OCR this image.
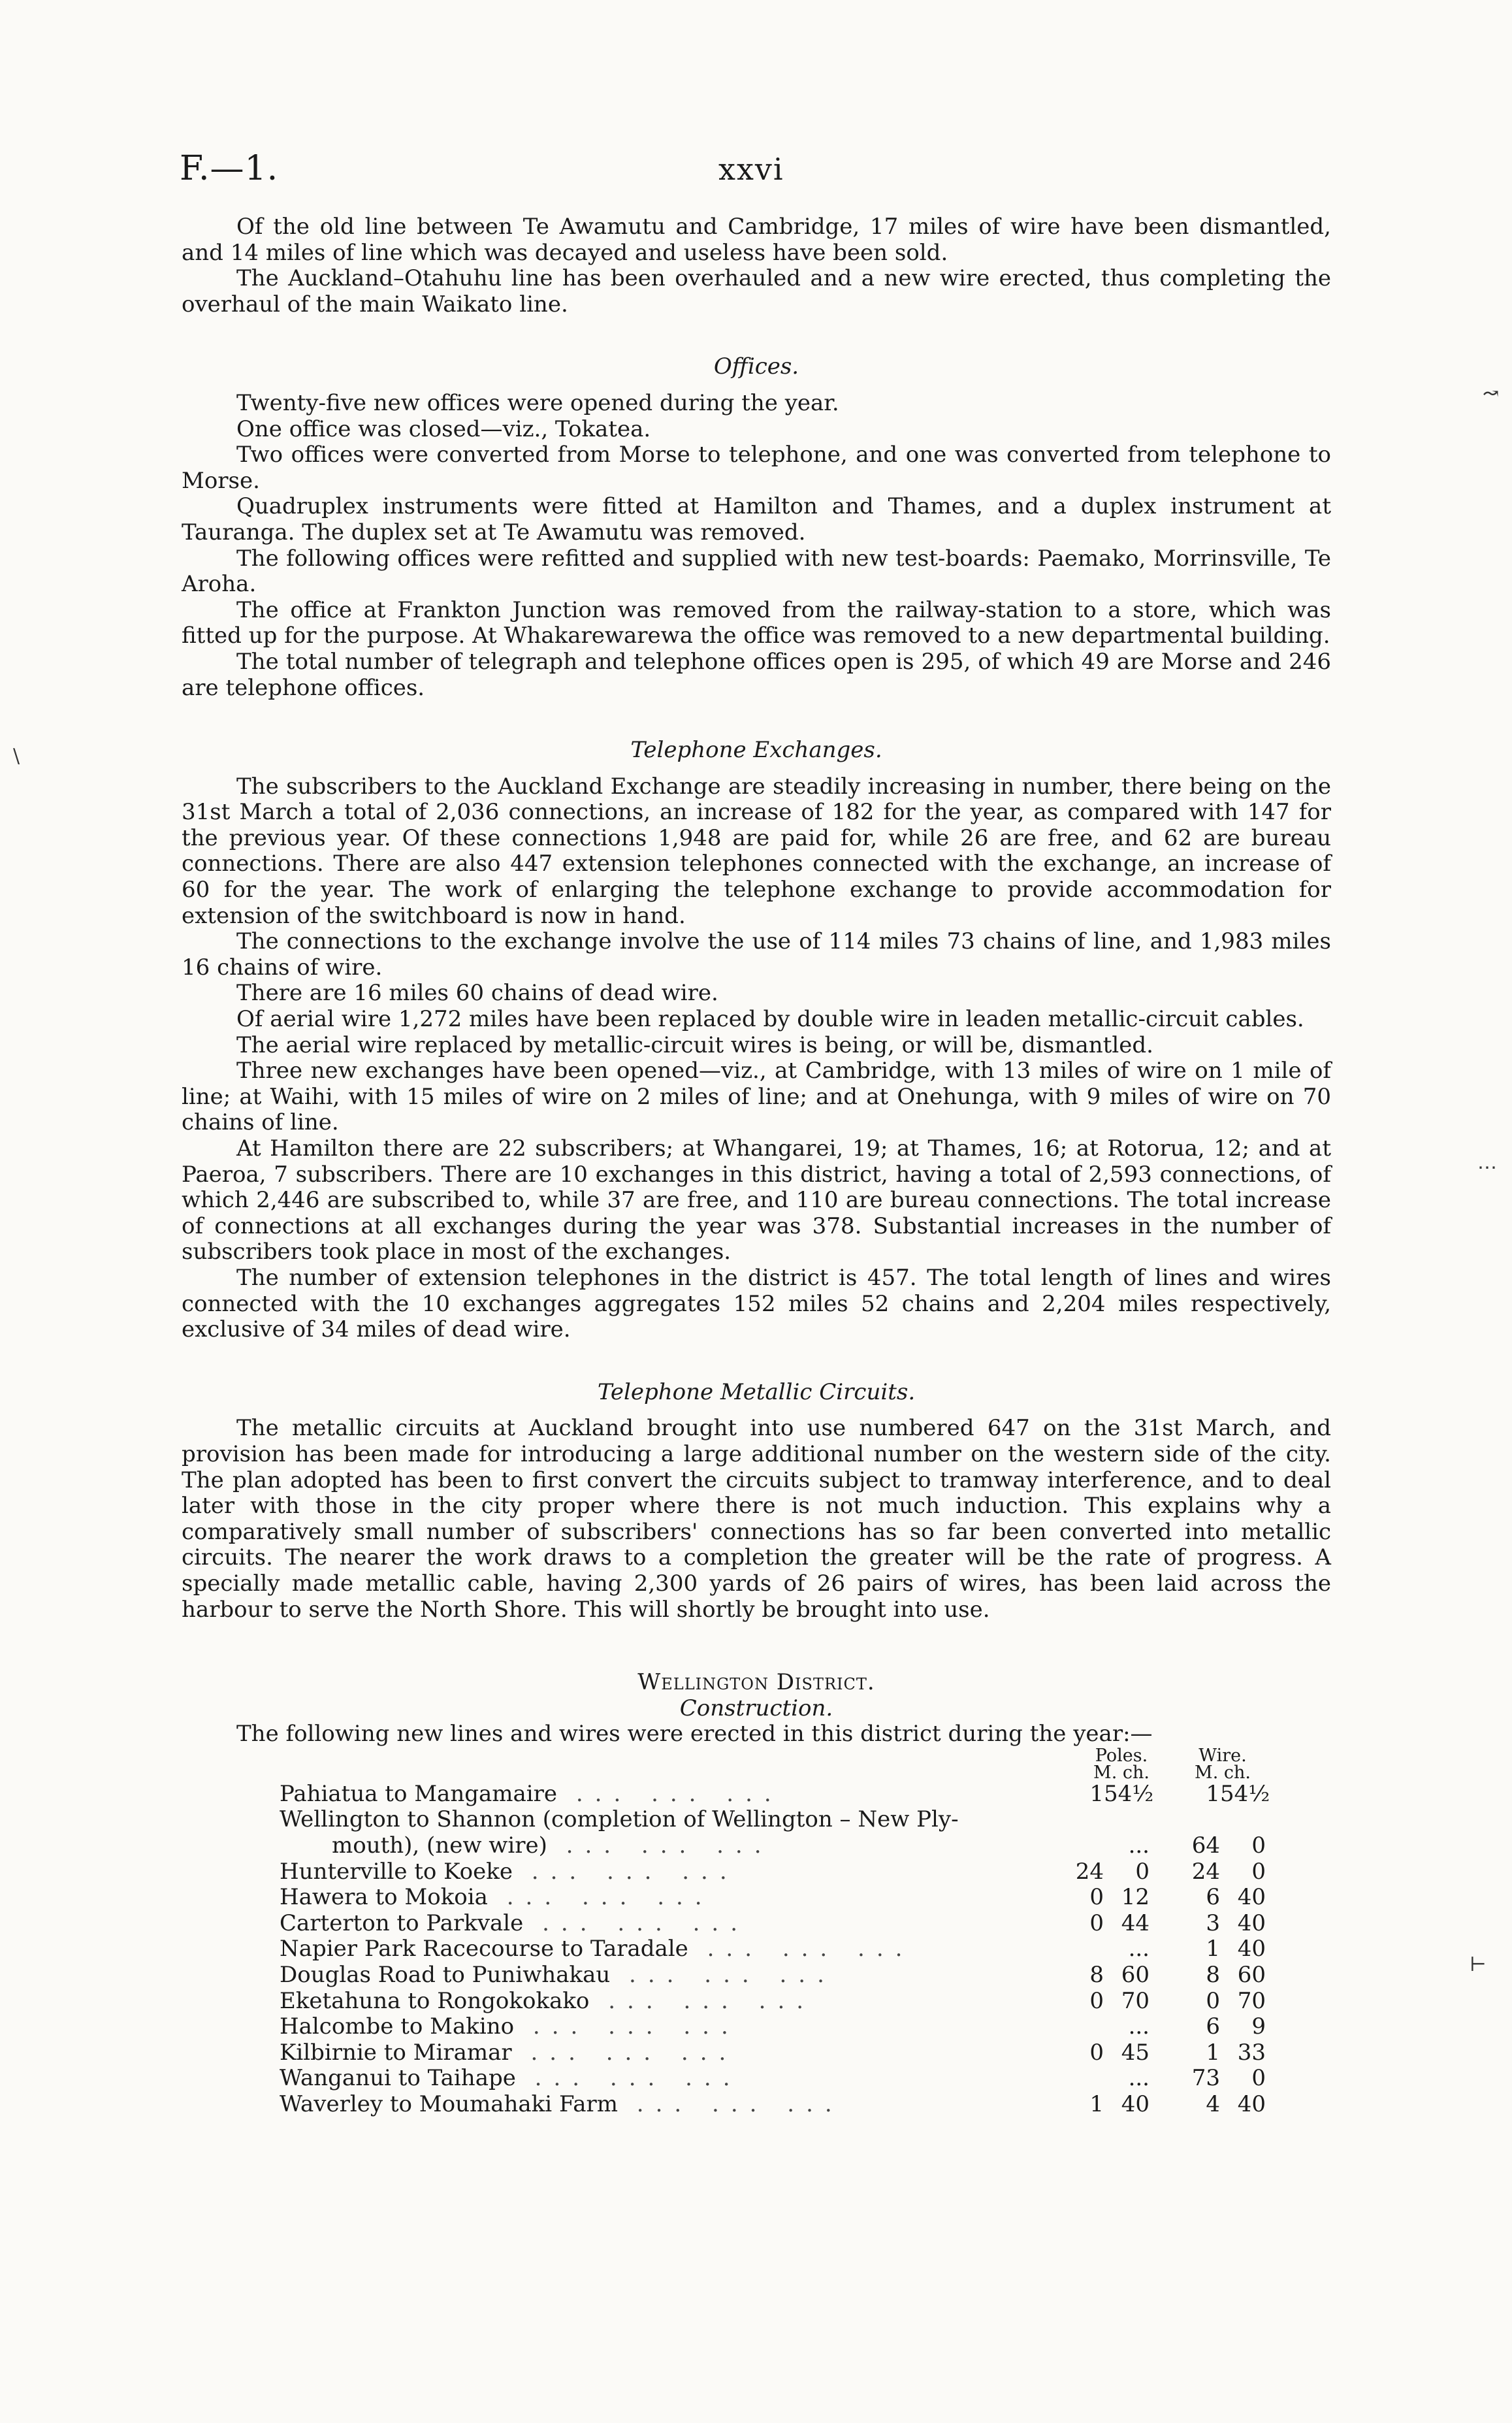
F.—1.	xxvi
↝
\
⋯
⊢

Of the old line between Te Awamutu and Cambridge, 17 miles of wire have been dismantled, and 14 miles of line which was decayed and useless have been sold.

The Auckland–Otahuhu line has been overhauled and a new wire erected, thus completing the overhaul of the main Waikato line.

Offices.

Twenty-five new offices were opened during the year.

One office was closed—viz., Tokatea.

Two offices were converted from Morse to telephone, and one was converted from telephone to Morse.

Quadruplex instruments were fitted at Hamilton and Thames, and a duplex instrument at Tauranga. The duplex set at Te Awamutu was removed.

The following offices were refitted and supplied with new test-boards: Paemako, Morrinsville, Te Aroha.

The office at Frankton Junction was removed from the railway-station to a store, which was fitted up for the purpose. At Whakarewarewa the office was removed to a new departmental building.

The total number of telegraph and telephone offices open is 295, of which 49 are Morse and 246 are telephone offices.

Telephone Exchanges.

The subscribers to the Auckland Exchange are steadily increasing in number, there being on the 31st March a total of 2,036 connections, an increase of 182 for the year, as compared with 147 for the previous year. Of these connections 1,948 are paid for, while 26 are free, and 62 are bureau connections. There are also 447 extension telephones connected with the exchange, an increase of 60 for the year. The work of enlarging the telephone exchange to provide accommodation for extension of the switchboard is now in hand.

The connections to the exchange involve the use of 114 miles 73 chains of line, and 1,983 miles 16 chains of wire.

There are 16 miles 60 chains of dead wire.

Of aerial wire 1,272 miles have been replaced by double wire in leaden metallic-circuit cables.

The aerial wire replaced by metallic-circuit wires is being, or will be, dismantled.

Three new exchanges have been opened—viz., at Cambridge, with 13 miles of wire on 1 mile of line; at Waihi, with 15 miles of wire on 2 miles of line; and at Onehunga, with 9 miles of wire on 70 chains of line.

At Hamilton there are 22 subscribers; at Whangarei, 19; at Thames, 16; at Rotorua, 12; and at Paeroa, 7 subscribers. There are 10 exchanges in this district, having a total of 2,593 connections, of which 2,446 are subscribed to, while 37 are free, and 110 are bureau connections. The total increase of connections at all exchanges during the year was 378. Substantial increases in the number of subscribers took place in most of the exchanges.

The number of extension telephones in the district is 457. The total length of lines and wires connected with the 10 exchanges aggregates 152 miles 52 chains and 2,204 miles respectively, exclusive of 34 miles of dead wire.

Telephone Metallic Circuits.

The metallic circuits at Auckland brought into use numbered 647 on the 31st March, and provision has been made for introducing a large additional number on the western side of the city. The plan adopted has been to first convert the circuits subject to tramway interference, and to deal later with those in the city proper where there is not much induction. This explains why a comparatively small number of subscribers' connections has so far been converted into metallic circuits. The nearer the work draws to a completion the greater will be the rate of progress. A specially made metallic cable, having 2,300 yards of 26 pairs of wires, has been laid across the harbour to serve the North Shore. This will shortly be brought into use.

Wellington District.
Construction.

The following new lines and wires were erected in this district during the year:—

	Poles.	Wire.
	M. ch.	M. ch.
Pahiatua to Mangamaire ... ... ...	154½	154½
Wellington to Shannon (completion of Wellington – New Ply-		
mouth), (new wire) ... ... ...	...	64 0
Hunterville to Koeke ... ... ...	24 0	24 0
Hawera to Mokoia ... ... ...	0 12	6 40
Carterton to Parkvale ... ... ...	0 44	3 40
Napier Park Racecourse to Taradale ... ... ...	...	1 40
Douglas Road to Puniwhakau ... ... ...	8 60	8 60
Eketahuna to Rongokokako ... ... ...	0 70	0 70
Halcombe to Makino ... ... ...	...	6 9
Kilbirnie to Miramar ... ... ...	0 45	1 33
Wanganui to Taihape ... ... ...	...	73 0
Waverley to Moumahaki Farm ... ... ...	1 40	4 40
